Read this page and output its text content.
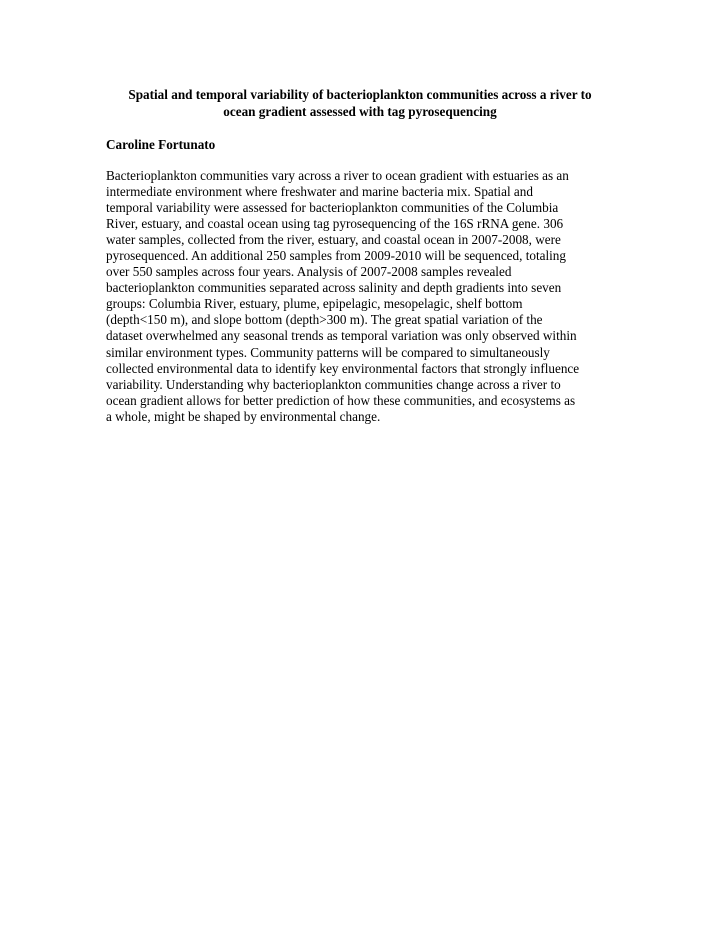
Spatial and temporal variability of bacterioplankton communities across a river to
ocean gradient assessed with tag pyrosequencing

Caroline Fortunato

Bacterioplankton communities vary across a river to ocean gradient with estuaries as an
intermediate environment where freshwater and marine bacteria mix. Spatial and
temporal variability were assessed for bacterioplankton communities of the Columbia
River, estuary, and coastal ocean using tag pyrosequencing of the 16S rRNA gene. 306
water samples, collected from the river, estuary, and coastal ocean in 2007-2008, were
pyrosequenced. An additional 250 samples from 2009-2010 will be sequenced, totaling
over 550 samples across four years. Analysis of 2007-2008 samples revealed
bacterioplankton communities separated across salinity and depth gradients into seven
groups: Columbia River, estuary, plume, epipelagic, mesopelagic, shelf bottom
(depth<150 m), and slope bottom (depth>300 m). The great spatial variation of the
dataset overwhelmed any seasonal trends as temporal variation was only observed within
similar environment types. Community patterns will be compared to simultaneously
collected environmental data to identify key environmental factors that strongly influence
variability. Understanding why bacterioplankton communities change across a river to
ocean gradient allows for better prediction of how these communities, and ecosystems as
a whole, might be shaped by environmental change.
